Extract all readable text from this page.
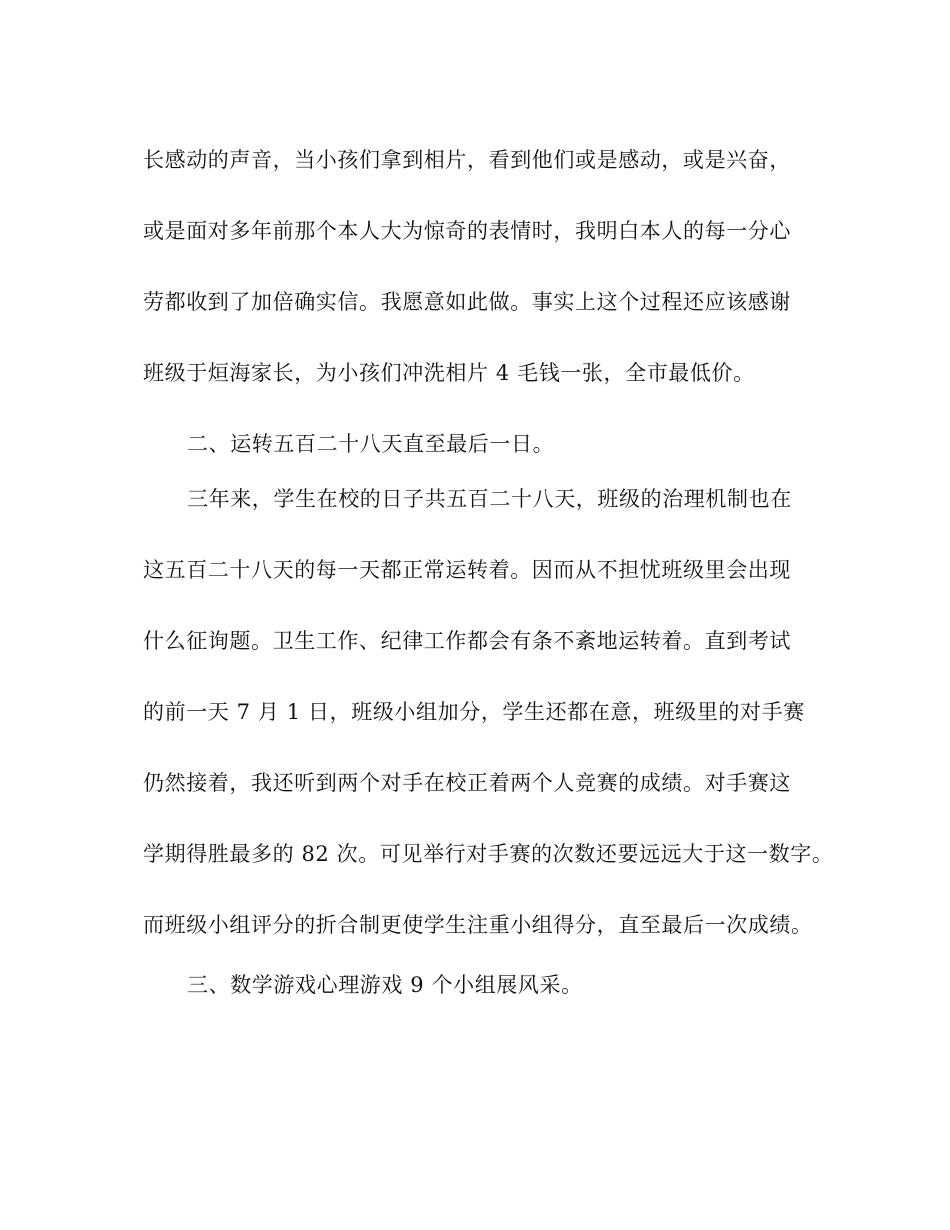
长感动的声音，当小孩们拿到相片，看到他们或是感动，或是兴奋，
或是面对多年前那个本人大为惊奇的表情时，我明白本人的每一分心
劳都收到了加倍确实信。我愿意如此做。事实上这个过程还应该感谢
班级于烜海家长，为小孩们冲洗相片 4 毛钱一张，全市最低价。
二、运转五百二十八天直至最后一日。
三年来，学生在校的日子共五百二十八天，班级的治理机制也在
这五百二十八天的每一天都正常运转着。因而从不担忧班级里会出现
什么征询题。卫生工作、纪律工作都会有条不紊地运转着。直到考试
的前一天 7 月 1 日，班级小组加分，学生还都在意，班级里的对手赛
仍然接着，我还听到两个对手在校正着两个人竞赛的成绩。对手赛这
学期得胜最多的 82 次。可见举行对手赛的次数还要远远大于这一数字。
而班级小组评分的折合制更使学生注重小组得分，直至最后一次成绩。
三、数学游戏心理游戏 9 个小组展风采。
